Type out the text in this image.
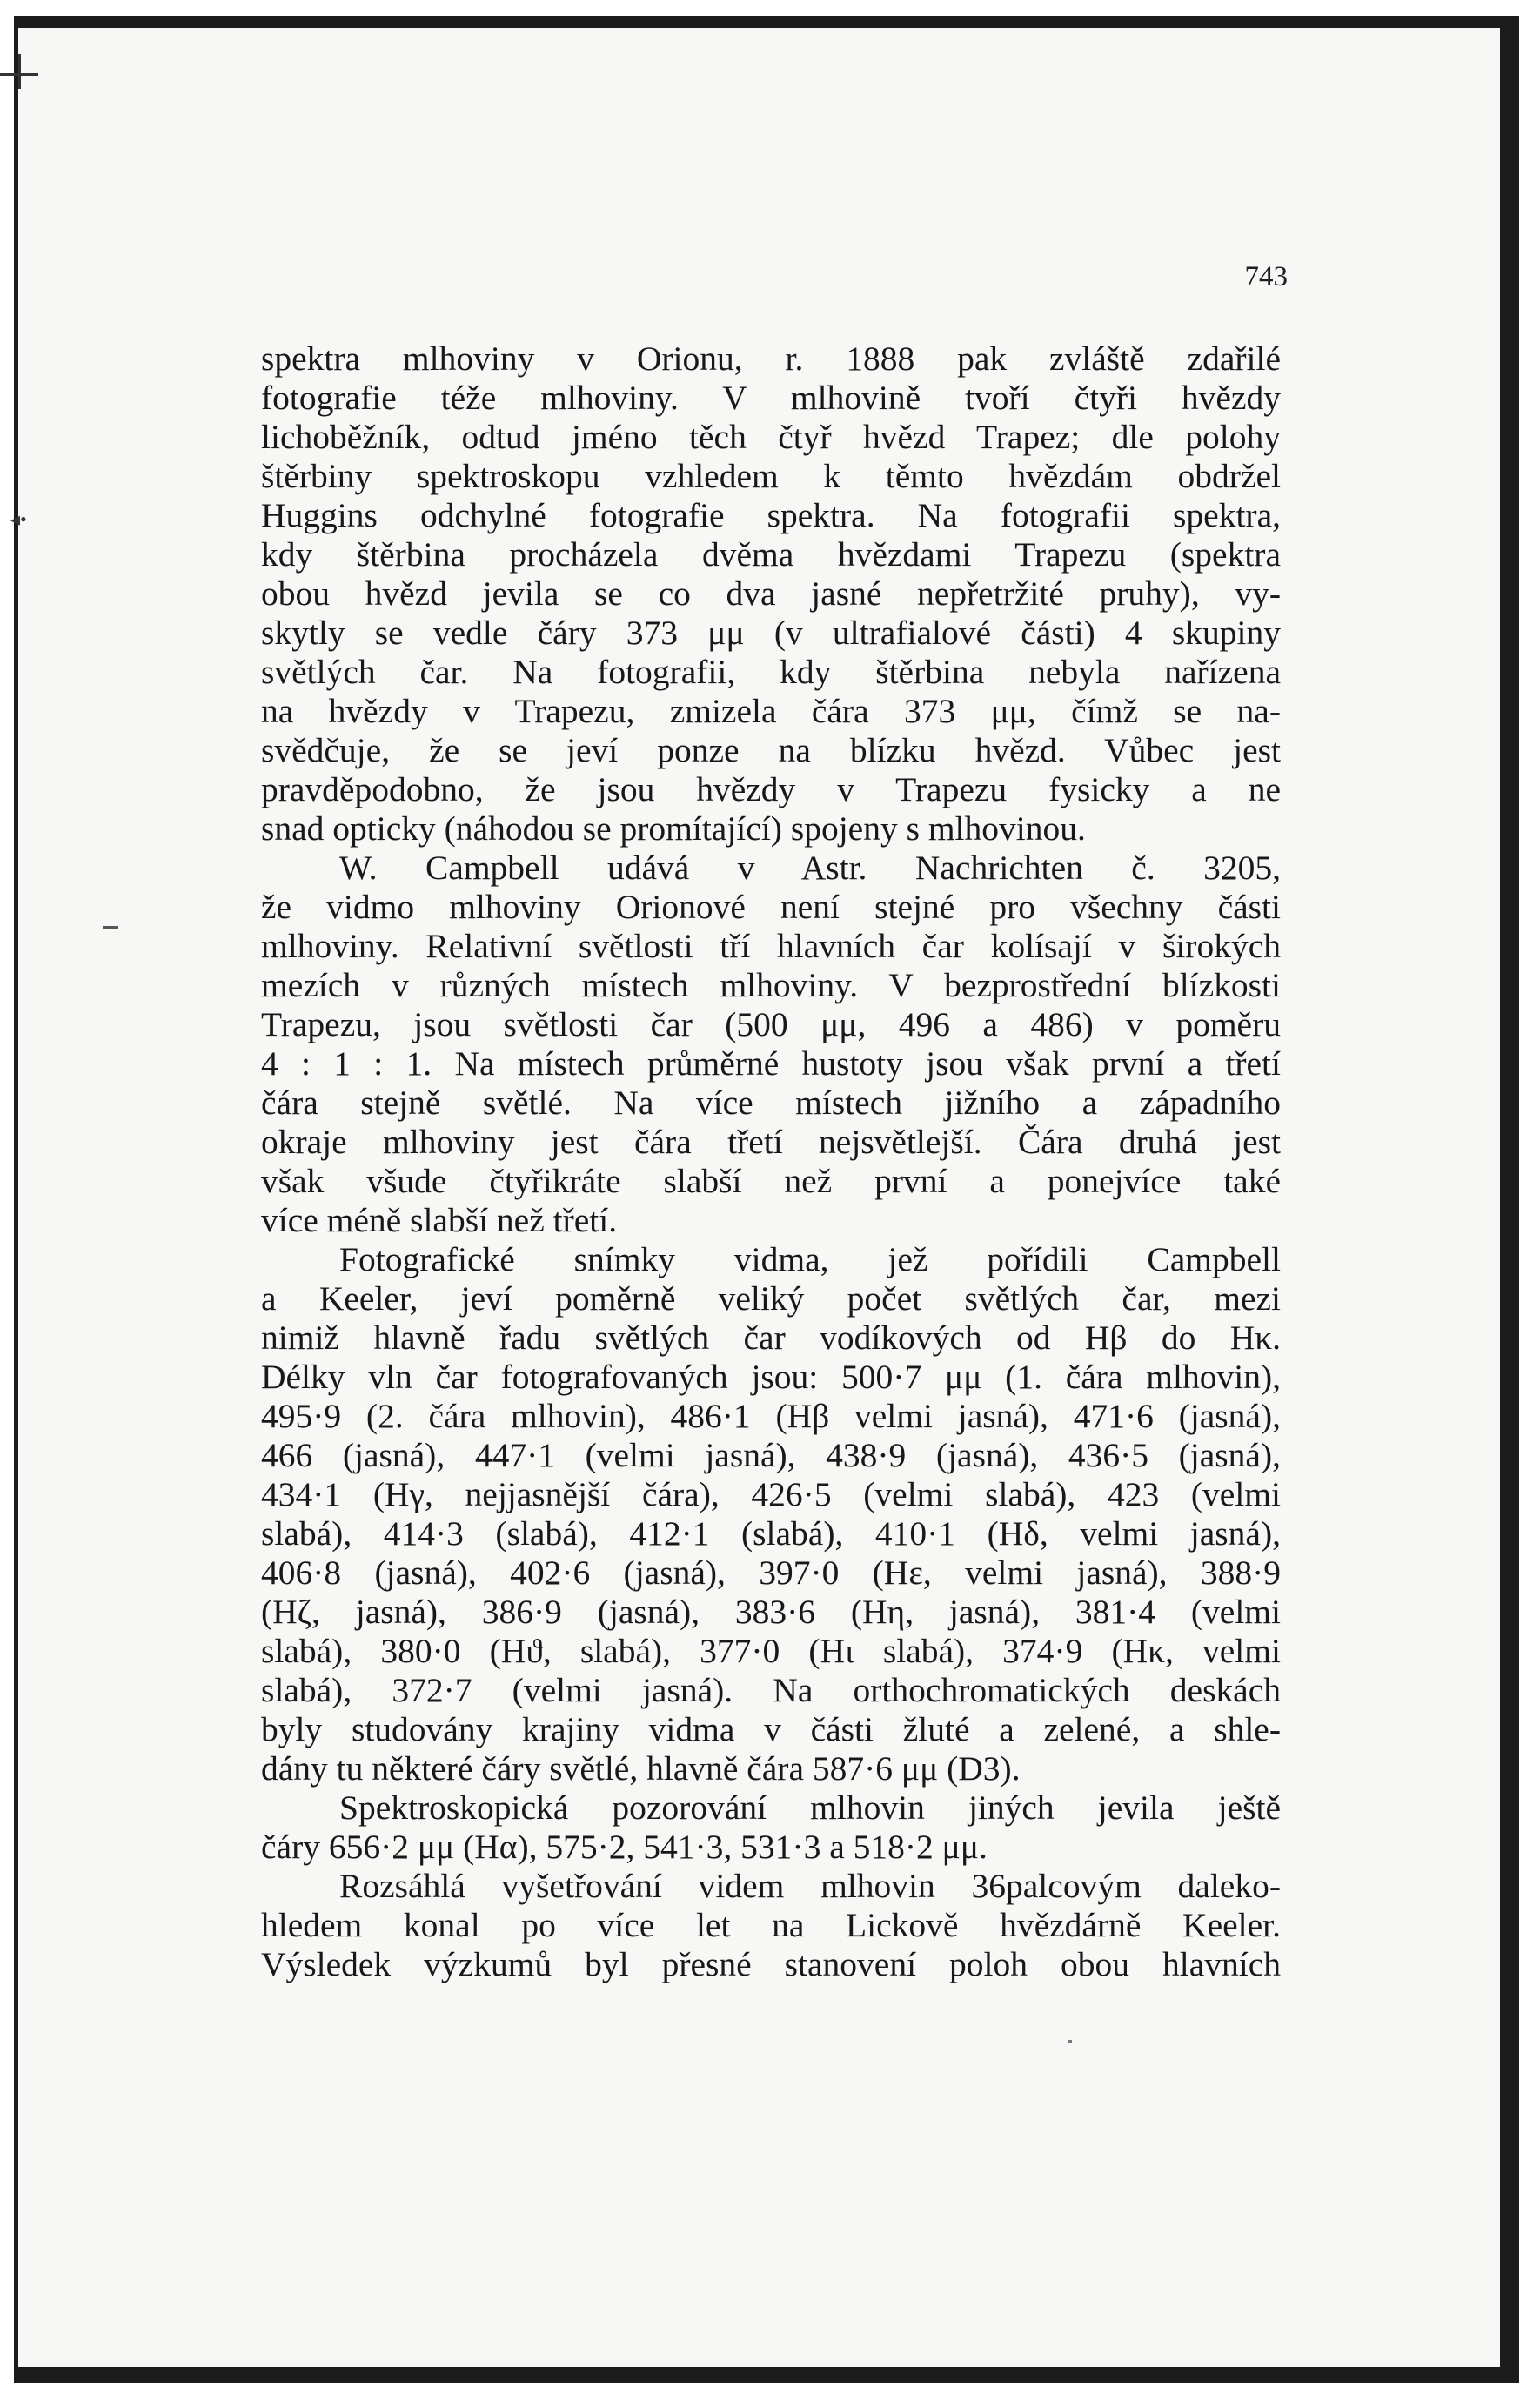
◂•
743
spektra mlhoviny v Orionu, r. 1888 pak zvláště zdařilé
fotografie téže mlhoviny. V mlhovině tvoří čtyři hvězdy
lichoběžník, odtud jméno těch čtyř hvězd Trapez; dle polohy
štěrbiny spektroskopu vzhledem k těmto hvězdám obdržel
Huggins odchylné fotografie spektra. Na fotografii spektra,
kdy štěrbina procházela dvěma hvězdami Trapezu (spektra
obou hvězd jevila se co dva jasné nepřetržité pruhy), vy-
skytly se vedle čáry 373 μμ (v ultrafialové části) 4 skupiny
světlých čar. Na fotografii, kdy štěrbina nebyla nařízena
na hvězdy v Trapezu, zmizela čára 373 μμ, čímž se na-
svědčuje, že se jeví ponze na blízku hvězd. Vůbec jest
pravděpodobno, že jsou hvězdy v Trapezu fysicky a ne
snad opticky (náhodou se promítající) spojeny s mlhovinou.
W. Campbell udává v Astr. Nachrichten č. 3205,
že vidmo mlhoviny Orionové není stejné pro všechny části
mlhoviny. Relativní světlosti tří hlavních čar kolísají v širokých
mezích v různých místech mlhoviny. V bezprostřední blízkosti
Trapezu, jsou světlosti čar (500 μμ, 496 a 486) v poměru
4 : 1 : 1. Na místech průměrné hustoty jsou však první a třetí
čára stejně světlé. Na více místech jižního a západního
okraje mlhoviny jest čára třetí nejsvětlejší. Čára druhá jest
však všude čtyřikráte slabší než první a ponejvíce také
více méně slabší než třetí.
Fotografické snímky vidma, jež pořídili Campbell
a Keeler, jeví poměrně veliký počet světlých čar, mezi
nimiž hlavně řadu světlých čar vodíkových od Hβ do Hκ.
Délky vln čar fotografovaných jsou: 500·7 μμ (1. čára mlhovin),
495·9 (2. čára mlhovin), 486·1 (Hβ velmi jasná), 471·6 (jasná),
466 (jasná), 447·1 (velmi jasná), 438·9 (jasná), 436·5 (jasná),
434·1 (Hγ, nejjasnější čára), 426·5 (velmi slabá), 423 (velmi
slabá), 414·3 (slabá), 412·1 (slabá), 410·1 (Hδ, velmi jasná),
406·8 (jasná), 402·6 (jasná), 397·0 (Hε, velmi jasná), 388·9
(Hζ, jasná), 386·9 (jasná), 383·6 (Hη, jasná), 381·4 (velmi
slabá), 380·0 (Hϑ, slabá), 377·0 (Hι slabá), 374·9 (Hκ, velmi
slabá), 372·7 (velmi jasná). Na orthochromatických deskách
byly studovány krajiny vidma v části žluté a zelené, a shle-
dány tu některé čáry světlé, hlavně čára 587·6 μμ (D3).
Spektroskopická pozorování mlhovin jiných jevila ještě
čáry 656·2 μμ (Hα), 575·2, 541·3, 531·3 a 518·2 μμ.
Rozsáhlá vyšetřování videm mlhovin 36palcovým daleko-
hledem konal po více let na Lickově hvězdárně Keeler.
Výsledek výzkumů byl přesné stanovení poloh obou hlavních
